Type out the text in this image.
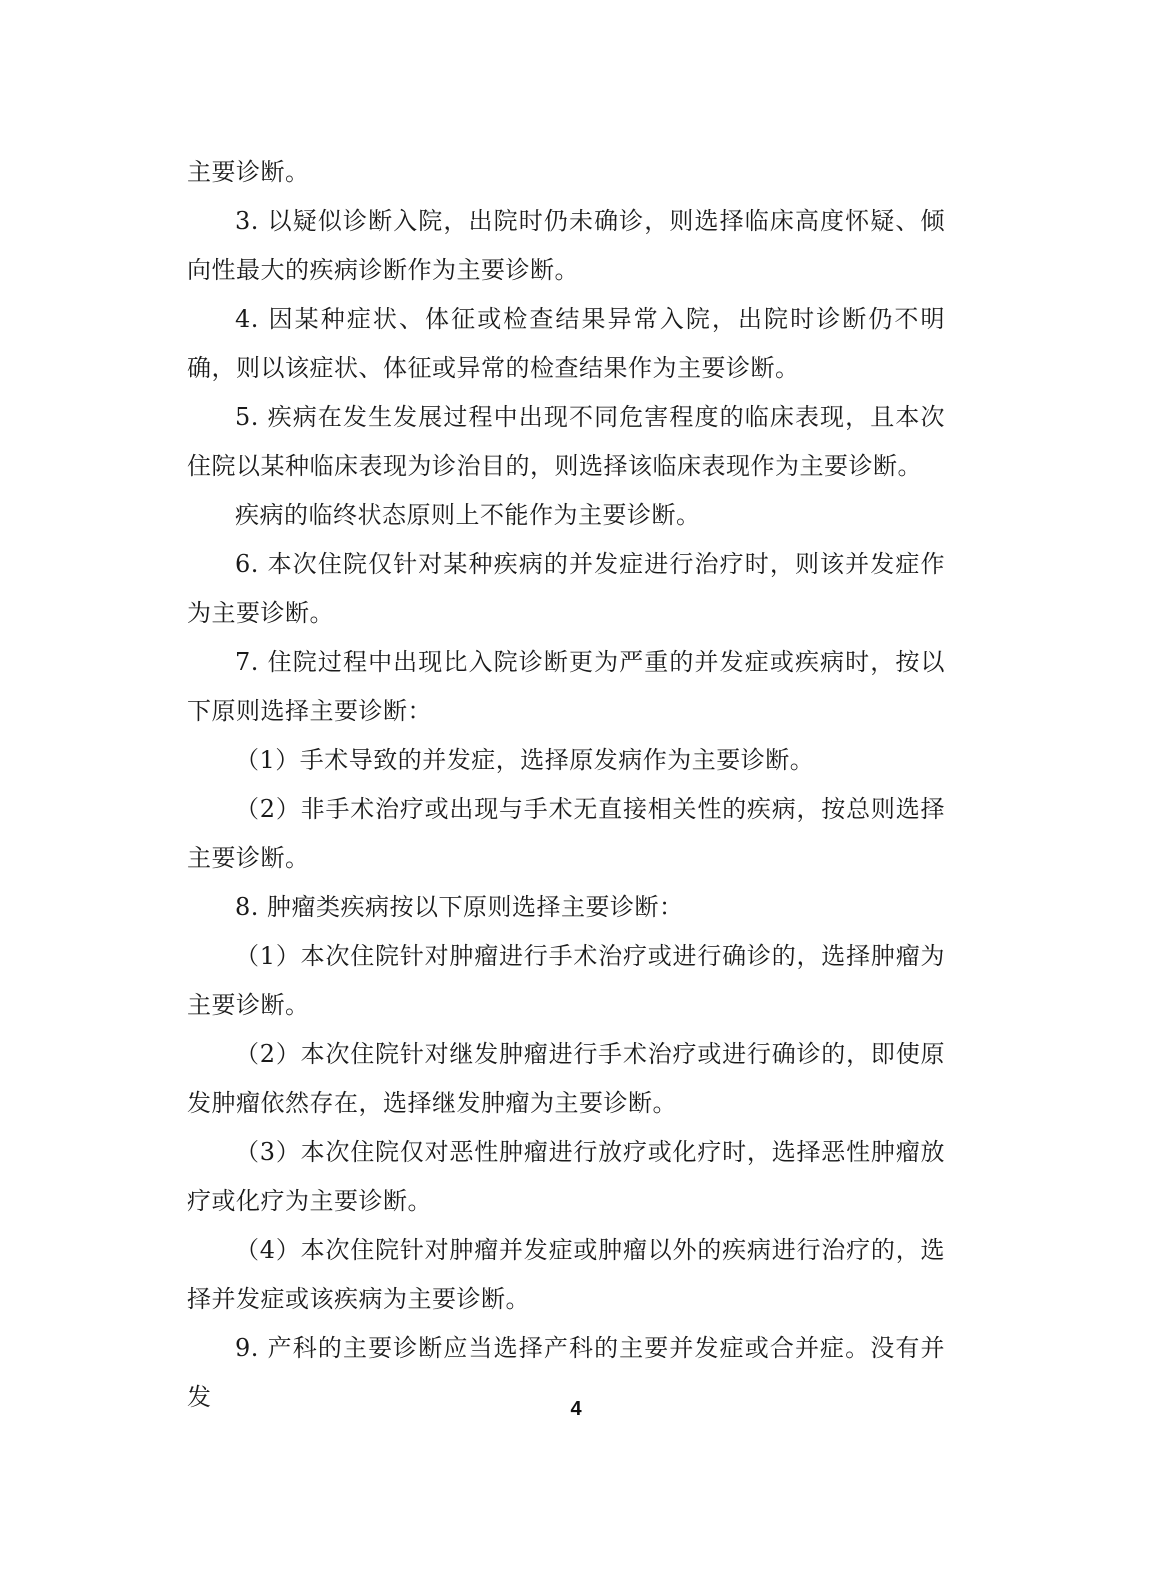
主要诊断。

3. 以疑似诊断入院，出院时仍未确诊，则选择临床高度怀疑、倾向性最大的疾病诊断作为主要诊断。

4. 因某种症状、体征或检查结果异常入院，出院时诊断仍不明确，则以该症状、体征或异常的检查结果作为主要诊断。

5. 疾病在发生发展过程中出现不同危害程度的临床表现，且本次住院以某种临床表现为诊治目的，则选择该临床表现作为主要诊断。

疾病的临终状态原则上不能作为主要诊断。

6. 本次住院仅针对某种疾病的并发症进行治疗时，则该并发症作为主要诊断。

7. 住院过程中出现比入院诊断更为严重的并发症或疾病时，按以下原则选择主要诊断：

（1）手术导致的并发症，选择原发病作为主要诊断。

（2）非手术治疗或出现与手术无直接相关性的疾病，按总则选择主要诊断。

8. 肿瘤类疾病按以下原则选择主要诊断：

（1）本次住院针对肿瘤进行手术治疗或进行确诊的，选择肿瘤为主要诊断。

（2）本次住院针对继发肿瘤进行手术治疗或进行确诊的，即使原发肿瘤依然存在，选择继发肿瘤为主要诊断。

（3）本次住院仅对恶性肿瘤进行放疗或化疗时，选择恶性肿瘤放疗或化疗为主要诊断。

（4）本次住院针对肿瘤并发症或肿瘤以外的疾病进行治疗的，选择并发症或该疾病为主要诊断。

9. 产科的主要诊断应当选择产科的主要并发症或合并症。没有并发	4
